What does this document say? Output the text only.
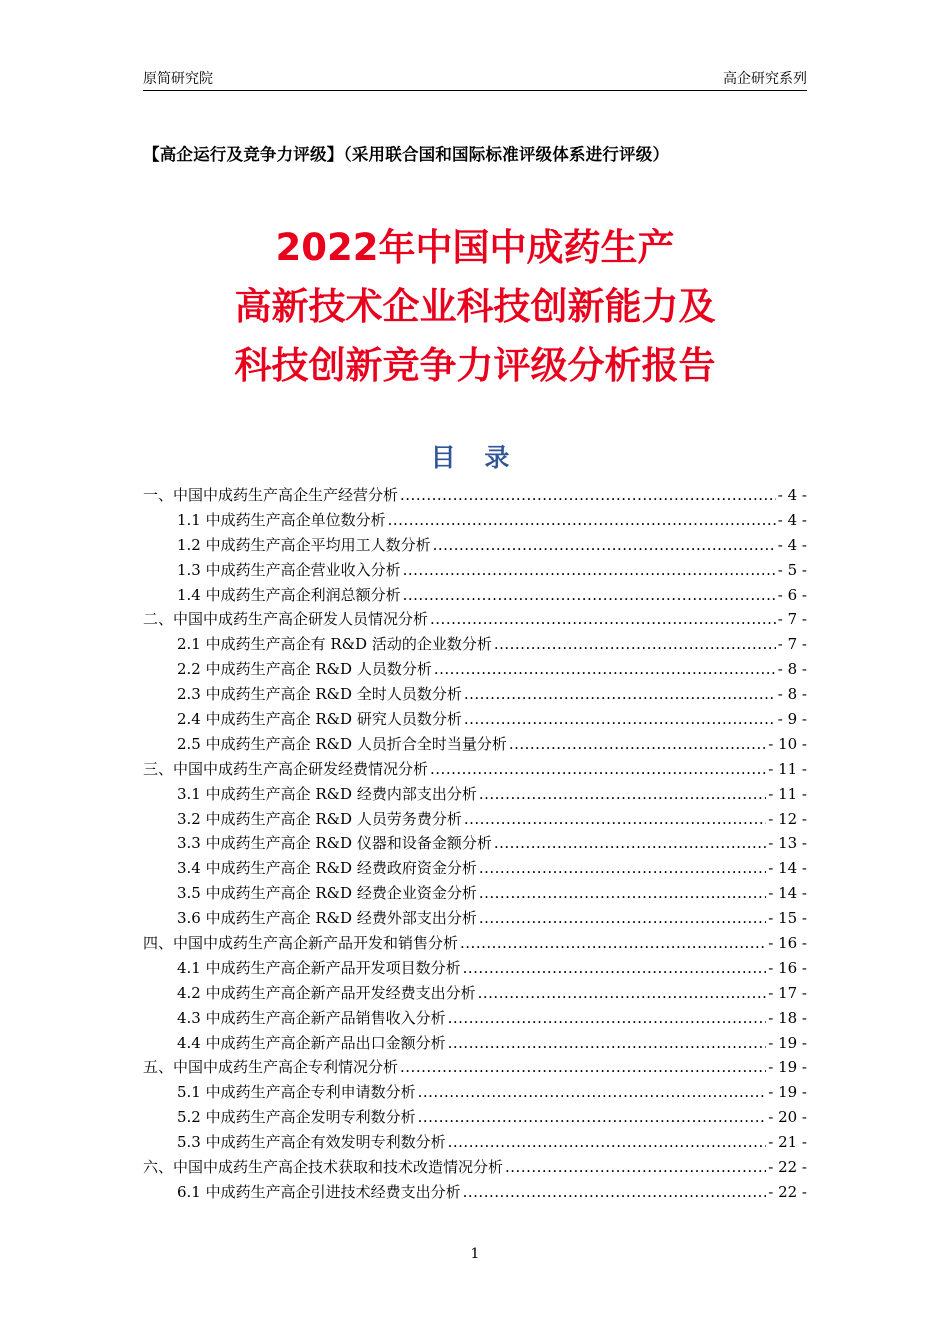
原简研究院	高企研究系列
【高企运行及竞争力评级】（采用联合国和国际标准评级体系进行评级）
2022年中国中成药生产
高新技术企业科技创新能力及
科技创新竞争力评级分析报告
目 录
一、中国中成药生产高企生产经营分析 .....	- 4 -
1.1 中成药生产高企单位数分析 .....	- 4 -
1.2 中成药生产高企平均用工人数分析 .....	- 4 -
1.3 中成药生产高企营业收入分析 .....	- 5 -
1.4 中成药生产高企利润总额分析 .....	- 6 -
二、中国中成药生产高企研发人员情况分析 .....	- 7 -
2.1 中成药生产高企有 R&D 活动的企业数分析 .....	- 7 -
2.2 中成药生产高企 R&D 人员数分析 .....	- 8 -
2.3 中成药生产高企 R&D 全时人员数分析 .....	- 8 -
2.4 中成药生产高企 R&D 研究人员数分析 .....	- 9 -
2.5 中成药生产高企 R&D 人员折合全时当量分析 .....	- 10 -
三、中国中成药生产高企研发经费情况分析 .....	- 11 -
3.1 中成药生产高企 R&D 经费内部支出分析 .....	- 11 -
3.2 中成药生产高企 R&D 人员劳务费分析 .....	- 12 -
3.3 中成药生产高企 R&D 仪器和设备金额分析 .....	- 13 -
3.4 中成药生产高企 R&D 经费政府资金分析 .....	- 14 -
3.5 中成药生产高企 R&D 经费企业资金分析 .....	- 14 -
3.6 中成药生产高企 R&D 经费外部支出分析 .....	- 15 -
四、中国中成药生产高企新产品开发和销售分析 .....	- 16 -
4.1 中成药生产高企新产品开发项目数分析 .....	- 16 -
4.2 中成药生产高企新产品开发经费支出分析 .....	- 17 -
4.3 中成药生产高企新产品销售收入分析 .....	- 18 -
4.4 中成药生产高企新产品出口金额分析 .....	- 19 -
五、中国中成药生产高企专利情况分析 .....	- 19 -
5.1 中成药生产高企专利申请数分析 .....	- 19 -
5.2 中成药生产高企发明专利数分析 .....	- 20 -
5.3 中成药生产高企有效发明专利数分析 .....	- 21 -
六、中国中成药生产高企技术获取和技术改造情况分析 .....	- 22 -
6.1 中成药生产高企引进技术经费支出分析 .....	- 22 -
1
